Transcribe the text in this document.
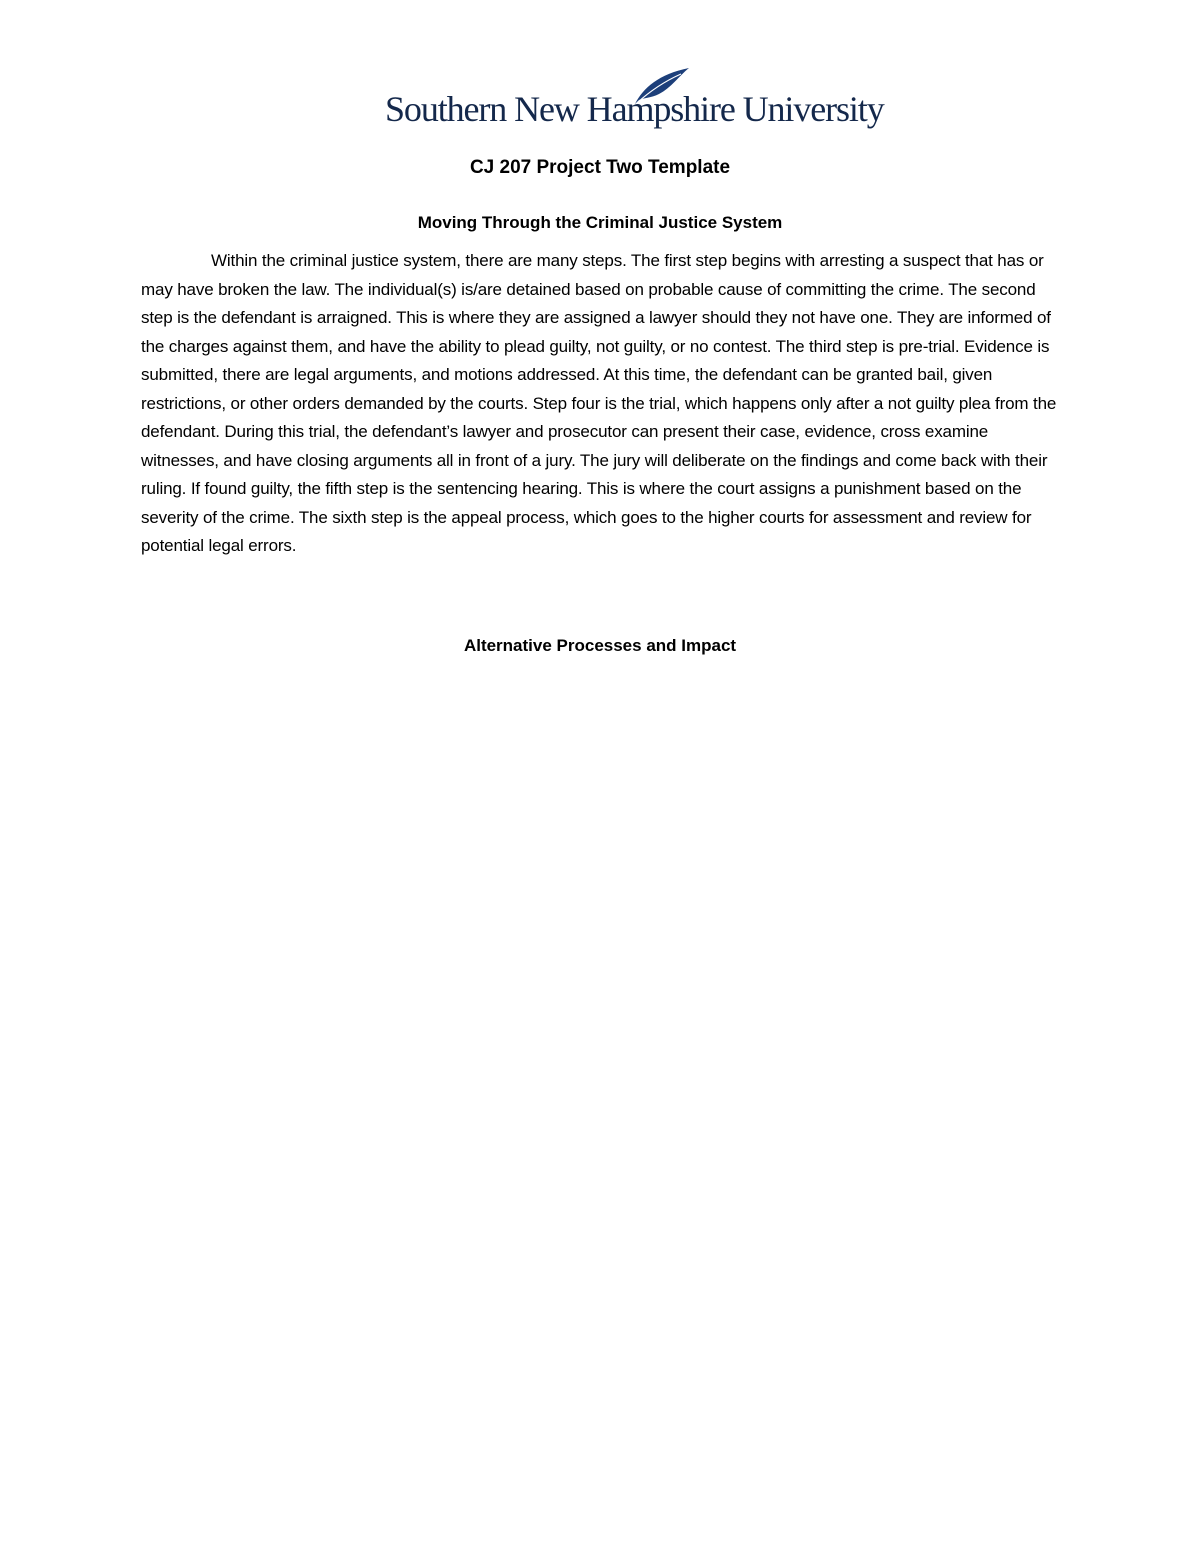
Southern New Hampshire University
CJ 207 Project Two Template
Moving Through the Criminal Justice System

Within the criminal justice system, there are many steps. The first step begins with arresting a suspect that has or may have broken the law. The individual(s) is/are detained based on probable cause of committing the crime. The second step is the defendant is arraigned. This is where they are assigned a lawyer should they not have one. They are informed of the charges against them, and have the ability to plead guilty, not guilty, or no contest. The third step is pre-trial. Evidence is submitted, there are legal arguments, and motions addressed. At this time, the defendant can be granted bail, given restrictions, or other orders demanded by the courts. Step four is the trial, which happens only after a not guilty plea from the defendant. During this trial, the defendant’s lawyer and prosecutor can present their case, evidence, cross examine witnesses, and have closing arguments all in front of a jury. The jury will deliberate on the findings and come back with their ruling. If found guilty, the fifth step is the sentencing hearing. This is where the court assigns a punishment based on the severity of the crime. The sixth step is the appeal process, which goes to the higher courts for assessment and review for potential legal errors.

Alternative Processes and Impact
